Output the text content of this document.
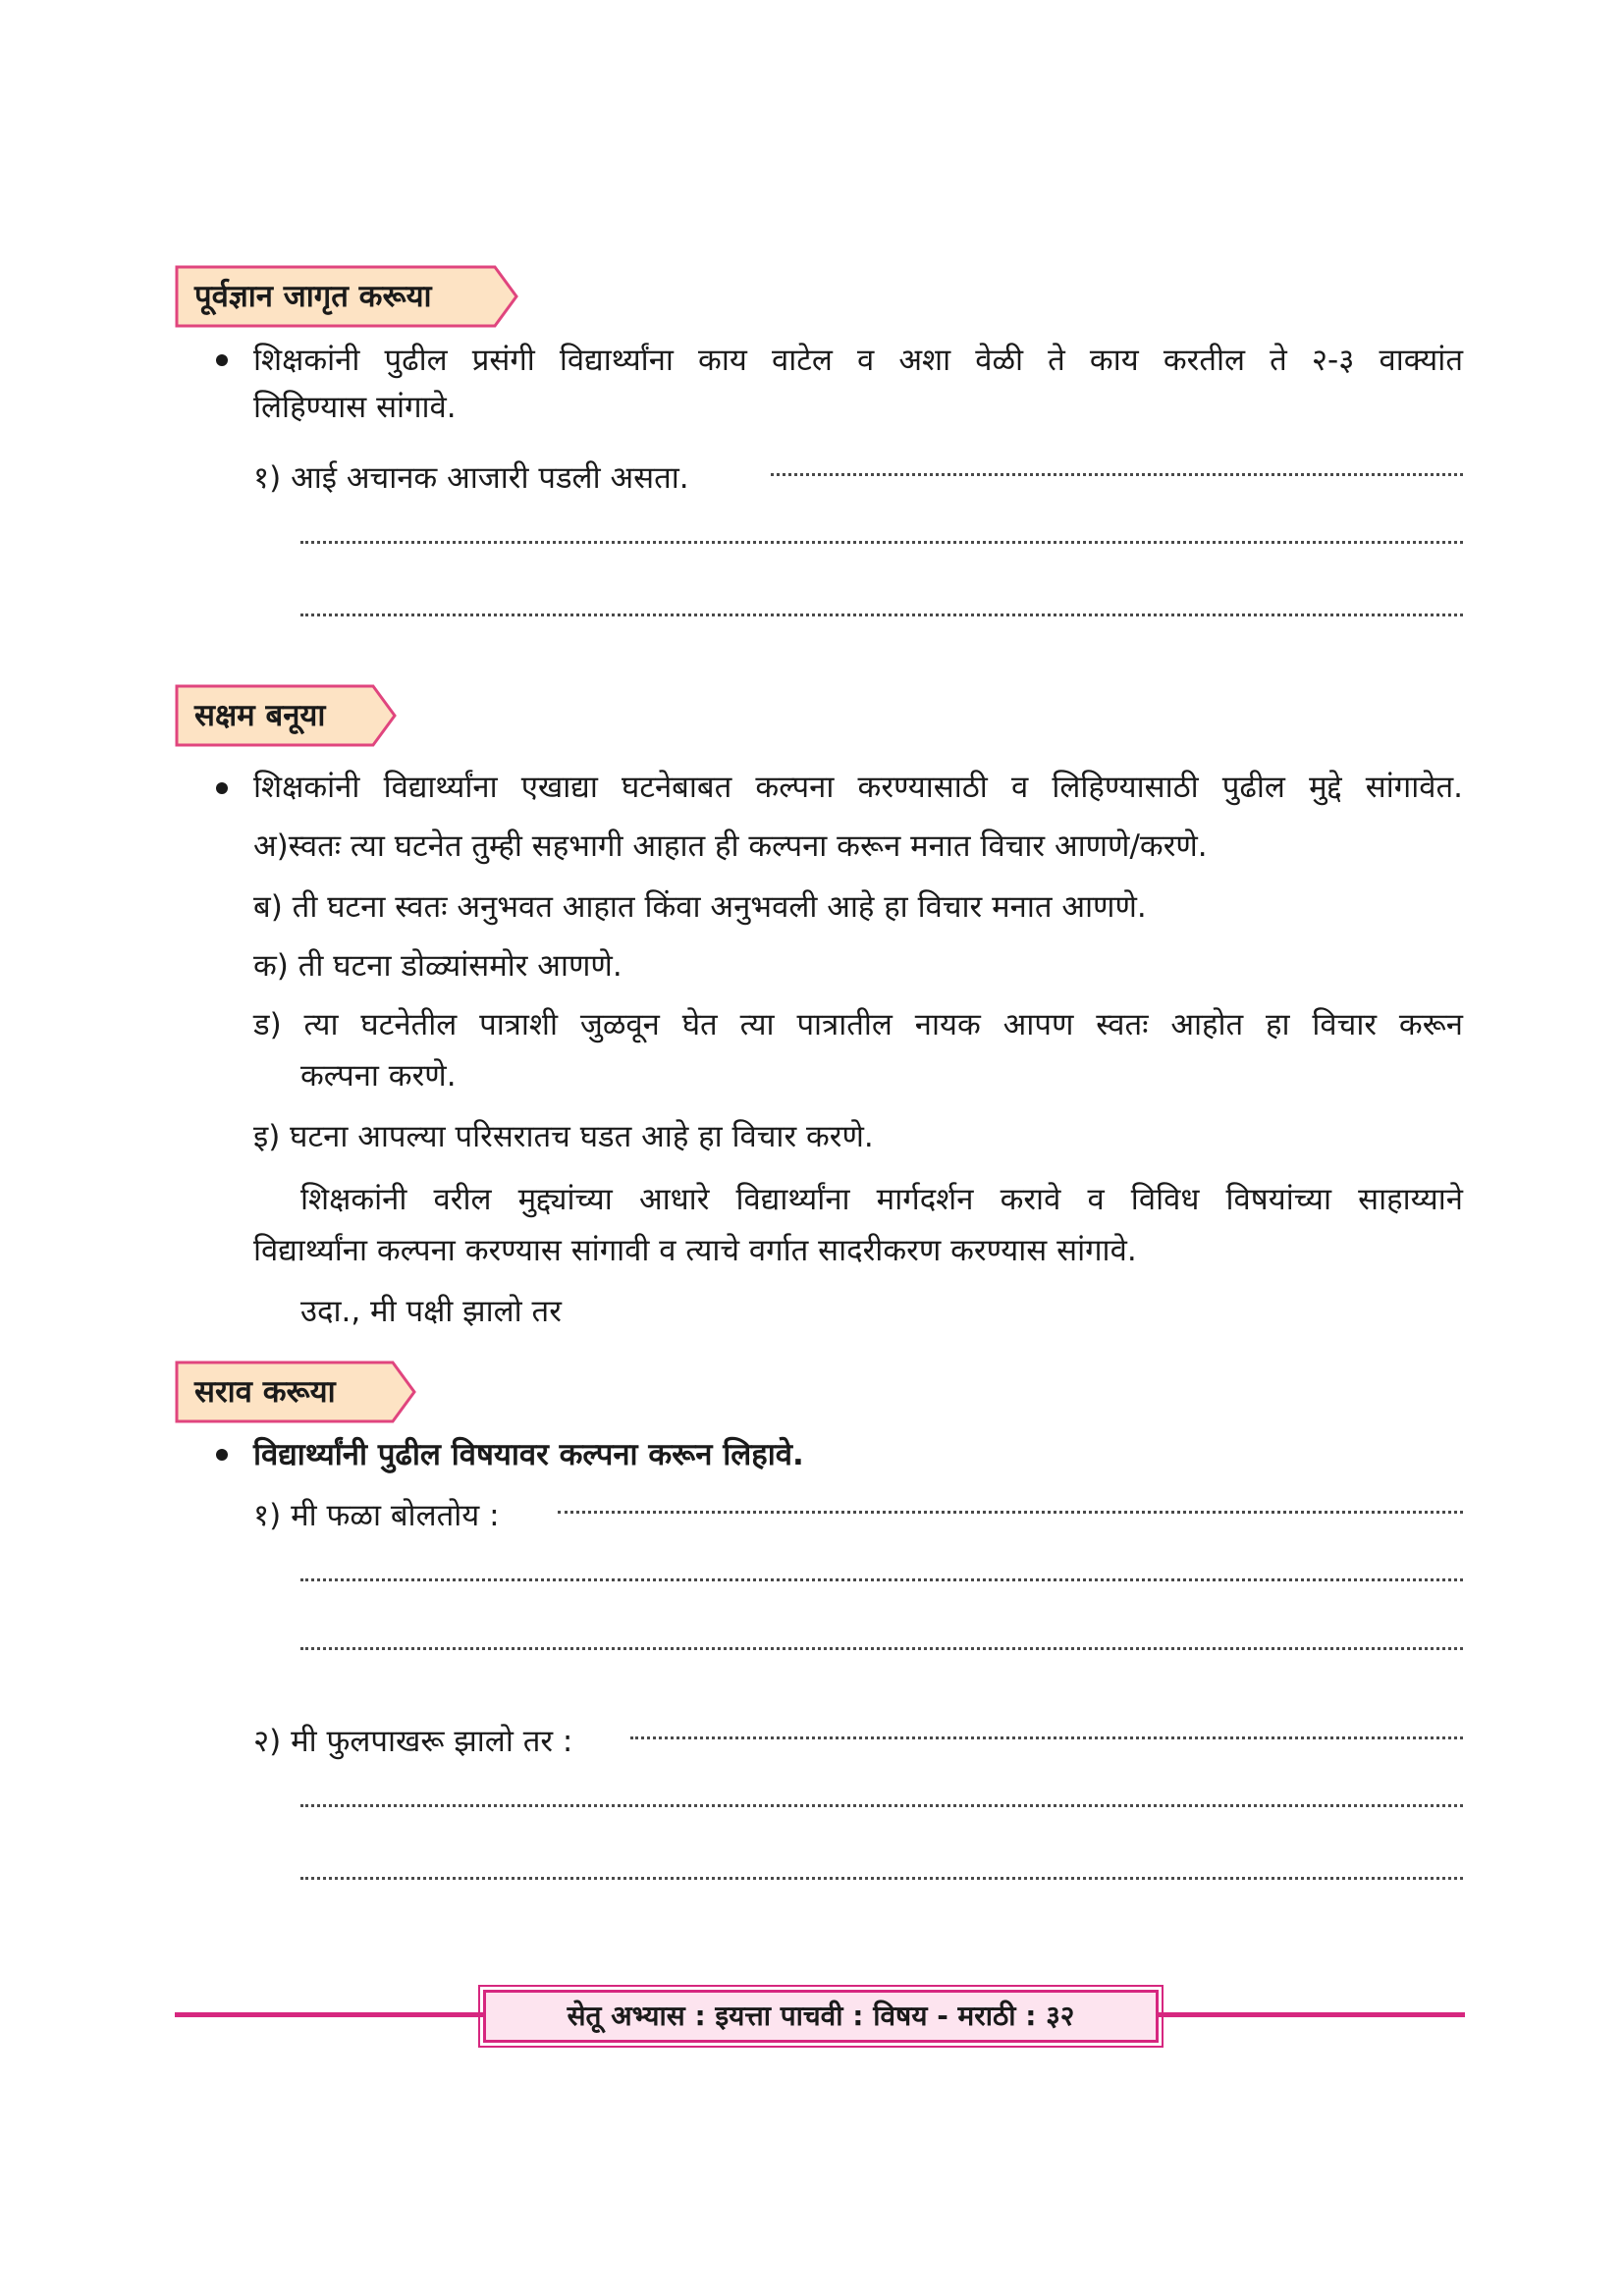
पूर्वज्ञान जागृत करूया
शिक्षकांनी पुढील प्रसंगी विद्यार्थ्यांना काय वाटेल व अशा वेळी ते काय करतील ते २-३ वाक्यांत
लिहिण्यास सांगावे.
१) आई अचानक आजारी पडली असता.
सक्षम बनूया
शिक्षकांनी विद्यार्थ्यांना एखाद्या घटनेबाबत कल्पना करण्यासाठी व लिहिण्यासाठी पुढील मुद्दे सांगावेत.
अ)स्वतः त्या घटनेत तुम्ही सहभागी आहात ही कल्पना करून मनात विचार आणणे/करणे.
ब) ती घटना स्वतः अनुभवत आहात किंवा अनुभवली आहे हा विचार मनात आणणे.
क) ती घटना डोळ्यांसमोर आणणे.
ड) त्या घटनेतील पात्राशी जुळवून घेत त्या पात्रातील नायक आपण स्वतः आहोत हा विचार करून
कल्पना करणे.
इ) घटना आपल्या परिसरातच घडत आहे हा विचार करणे.
शिक्षकांनी वरील मुद्द्यांच्या आधारे विद्यार्थ्यांना मार्गदर्शन करावे व विविध विषयांच्या साहाय्याने
विद्यार्थ्यांना कल्पना करण्यास सांगावी व त्याचे वर्गात सादरीकरण करण्यास सांगावे.
उदा., मी पक्षी झालो तर
सराव करूया
विद्यार्थ्यांनी पुढील विषयावर कल्पना करून लिहावे.
१) मी फळा बोलतोय :
२) मी फुलपाखरू झालो तर :
सेतू अभ्यास : इयत्ता पाचवी : विषय - मराठी : ३२
